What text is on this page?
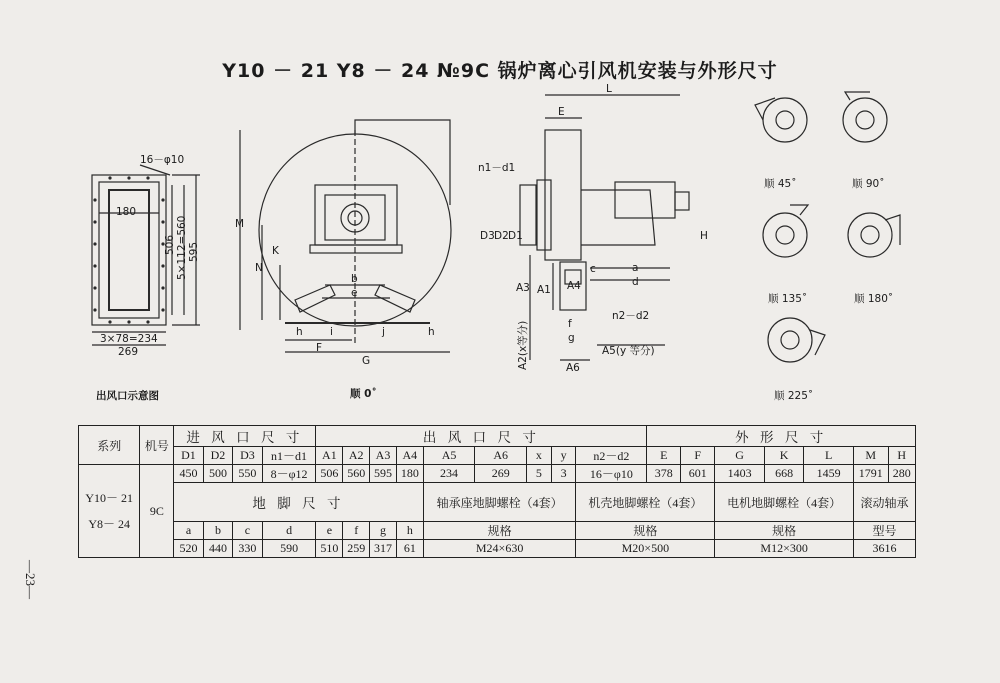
Y10 － 21 Y8 － 24 №9C 锅炉离心引风机安装与外形尺寸
—23—
16－φ10
180
506 5×112=560 595
3×78=234
269
出风口示意图
M
N
K
b
e
h	i	j	h
F
G
顺 0˚
L
E
n1－d1
D3 D2 D1	H
a
d
c
A1
A3	A4
n2－d2
f
g
A2(x等分)	A5(y 等分)
A6
顺 45˚	顺 90˚
顺 135˚	顺 180˚
顺 225˚
系列	机号	进 风 口 尺 寸				出 风 口 尺 寸									外 形 尺 寸						
		D1	D2	D3	n1－d1	A1	A2	A3	A4	A5	A6	x	y	n2－d2	E	F	G	K	L	M	H

Y10－ 21
Y8－ 24	9C	450	500	550	8－φ12	506	560	595	180	234	269	5	3	16－φ10	378	601	1403	668	1459	1791	280
		地 脚 尺 寸								轴承座地脚螺栓（4套）				机壳地脚螺栓（4套）			电机地脚螺栓（4套）			滚动轴承	
		a	b	c	d	e	f	g	h	规格				规格			规格			型号	
		520	440	330	590	510	259	317	61	M24×630				M20×500			M12×300			3616	
